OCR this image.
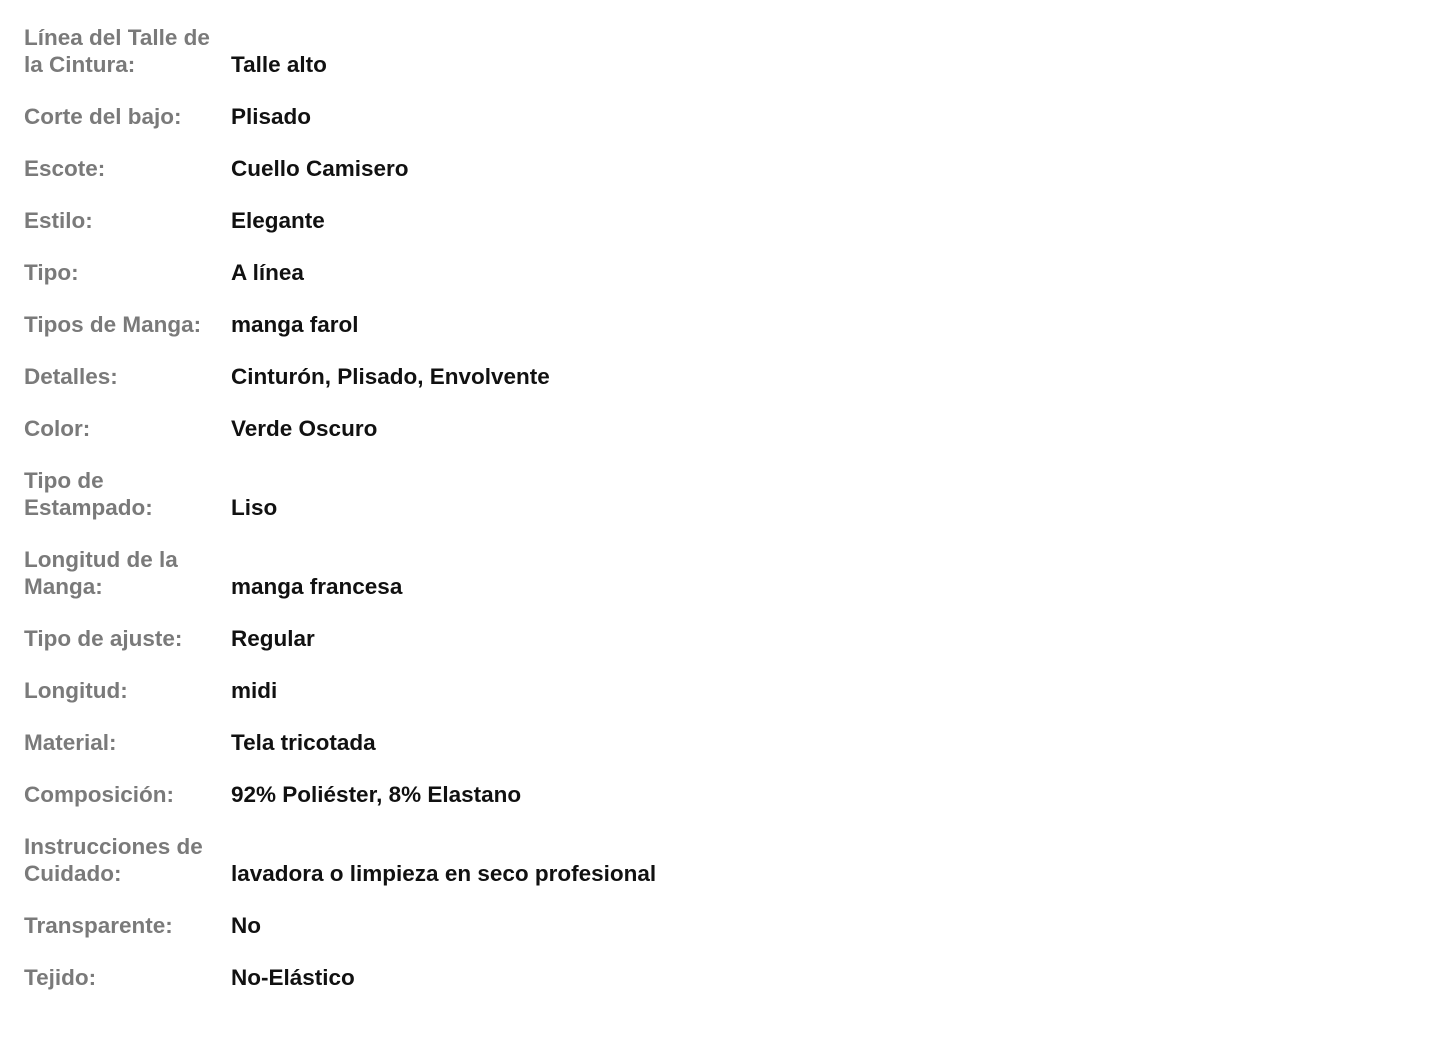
Línea del Talle de la Cintura:	Talle alto
Corte del bajo:	Plisado
Escote:	Cuello Camisero
Estilo:	Elegante
Tipo:	A línea
Tipos de Manga:	manga farol
Detalles:	Cinturón, Plisado, Envolvente
Color:	Verde Oscuro
Tipo de Estampado:	Liso
Longitud de la Manga:	manga francesa
Tipo de ajuste:	Regular
Longitud:	midi
Material:	Tela tricotada
Composición:	92% Poliéster, 8% Elastano
Instrucciones de Cuidado:	lavadora o limpieza en seco profesional
Transparente:	No
Tejido:	No-Elástico
